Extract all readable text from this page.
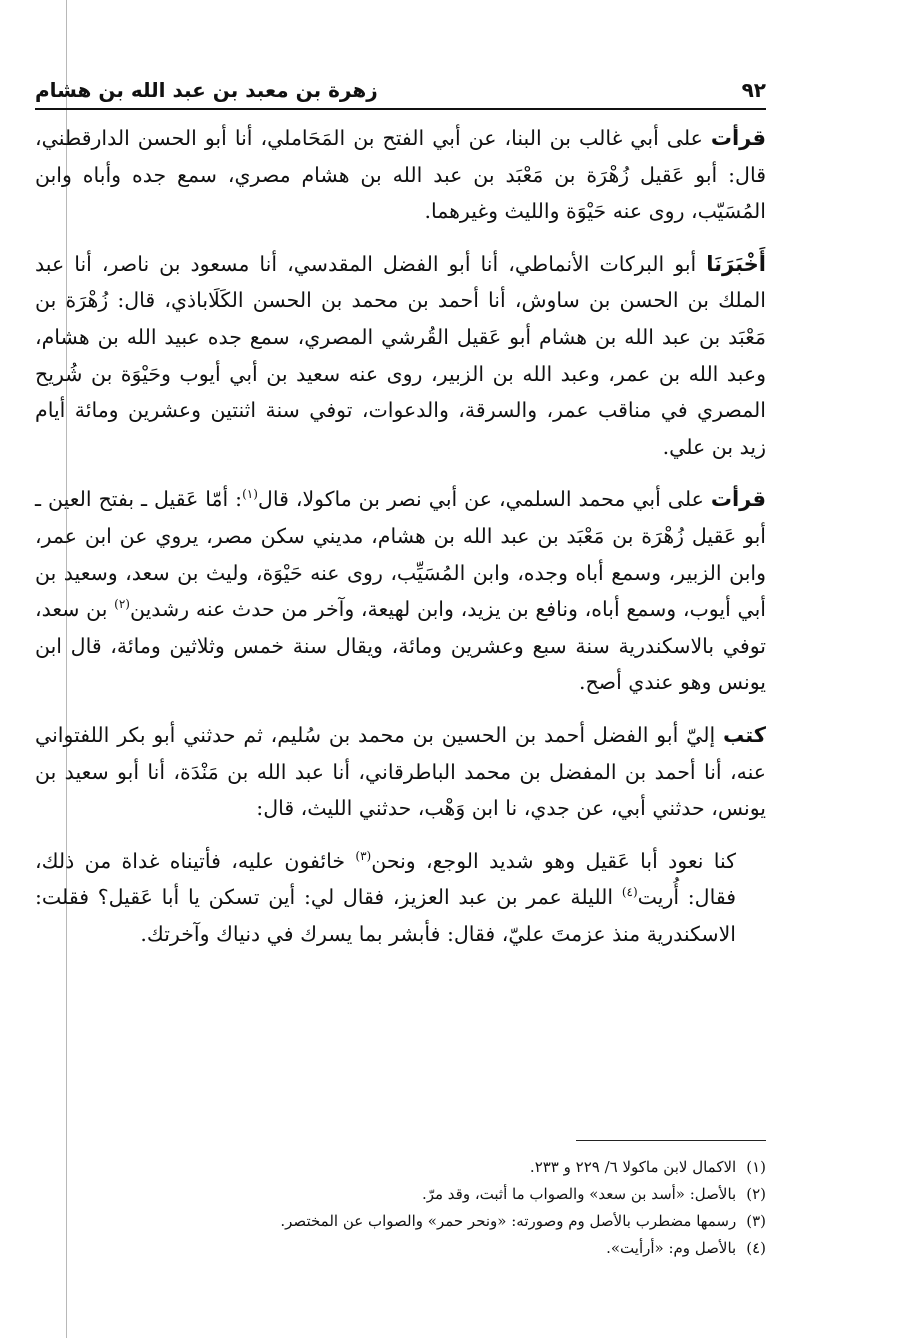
٩٢
زهرة بن معبد بن عبد الله بن هشام

قرأت على أبي غالب بن البنا، عن أبي الفتح بن المَحَاملي، أنا أبو الحسن الدارقطني، قال: أبو عَقيل زُهْرَة بن مَعْبَد بن عبد الله بن هشام مصري، سمع جده وأباه وابن المُسَيّب، روى عنه حَيْوَة والليث وغيرهما.

أَخْبَرَنَا أبو البركات الأنماطي، أنا أبو الفضل المقدسي، أنا مسعود بن ناصر، أنا عبد الملك بن الحسن بن ساوش، أنا أحمد بن محمد بن الحسن الكَلَاباذي، قال: زُهْرَة بن مَعْبَد بن عبد الله بن هشام أبو عَقيل القُرشي المصري، سمع جده عبيد الله بن هشام، وعبد الله بن عمر، وعبد الله بن الزبير، روى عنه سعيد بن أبي أيوب وحَيْوَة بن شُريح المصري في مناقب عمر، والسرقة، والدعوات، توفي سنة اثنتين وعشرين ومائة أيام زيد بن علي.

قرأت على أبي محمد السلمي، عن أبي نصر بن ماكولا، قال$^{(١)}$: أمّا عَقيل ـ بفتح العين ـ أبو عَقيل زُهْرَة بن مَعْبَد بن عبد الله بن هشام، مديني سكن مصر، يروي عن ابن عمر، وابن الزبير، وسمع أباه وجده، وابن المُسَيِّب، روى عنه حَيْوَة، وليث بن سعد، وسعيد بن أبي أيوب، وسمع أباه، ونافع بن يزيد، وابن لهيعة، وآخر من حدث عنه رشدين$^{(٢)}$ بن سعد، توفي بالاسكندرية سنة سبع وعشرين ومائة، ويقال سنة خمس وثلاثين ومائة، قال ابن يونس وهو عندي أصح.

كتب إليّ أبو الفضل أحمد بن الحسين بن محمد بن سُليم، ثم حدثني أبو بكر اللفتواني عنه، أنا أحمد بن المفضل بن محمد الباطرقاني، أنا عبد الله بن مَنْدَة، أنا أبو سعيد بن يونس، حدثني أبي، عن جدي، نا ابن وَهْب، حدثني الليث، قال:

كنا نعود أبا عَقيل وهو شديد الوجع، ونحن$^{(٣)}$ خائفون عليه، فأتيناه غداة من ذلك، فقال: أُريت$^{(٤)}$ الليلة عمر بن عبد العزيز، فقال لي: أين تسكن يا أبا عَقيل؟ فقلت: الاسكندرية منذ عزمتَ عليّ، فقال: فأبشر بما يسرك في دنياك وآخرتك.

(١)الاكمال لابن ماكولا ٦/ ٢٢٩ و ٢٣٣.

(٢)بالأصل: «أسد بن سعد» والصواب ما أثبت، وقد مرّ.

(٣)رسمها مضطرب بالأصل وم وصورته: «ونحر حمر» والصواب عن المختصر.

(٤)بالأصل وم: «أرأيت».
